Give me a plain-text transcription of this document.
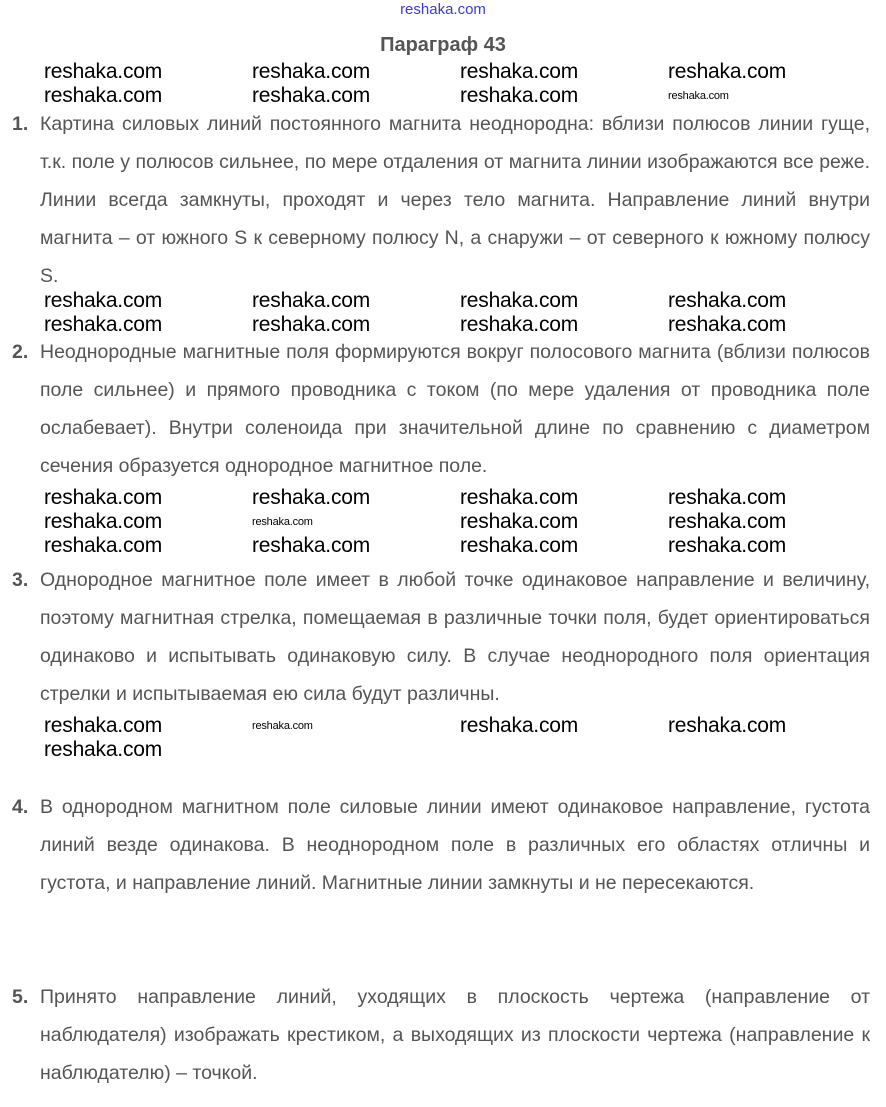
reshaka.com
Параграф 43
1. Картина силовых линий постоянного магнита неоднородна: вблизи полюсов линии гуще, т.к. поле у полюсов сильнее, по мере отдаления от магнита линии изображаются все реже. Линии всегда замкнуты, проходят и через тело магнита. Направление линий внутри магнита – от южного S к северному полюсу N, а снаружи – от северного к южному полюсу S.
2. Неоднородные магнитные поля формируются вокруг полосового магнита (вблизи полюсов поле сильнее) и прямого проводника с током (по мере удаления от проводника поле ослабевает). Внутри соленоида при значительной длине по сравнению с диаметром сечения образуется однородное магнитное поле.
3. Однородное магнитное поле имеет в любой точке одинаковое направление и величину, поэтому магнитная стрелка, помещаемая в различные точки поля, будет ориентироваться одинаково и испытывать одинаковую силу. В случае неоднородного поля ориентация стрелки и испытываемая ею сила будут различны.
4. В однородном магнитном поле силовые линии имеют одинаковое направление, густота линий везде одинакова. В неоднородном поле в различных его областях отличны и густота, и направление линий. Магнитные линии замкнуты и не пересекаются.
5. Принято направление линий, уходящих в плоскость чертежа (направление от наблюдателя) изображать крестиком, а выходящих из плоскости чертежа (направление к наблюдателю) – точкой.
reshaka.com	reshaka.com	reshaka.com	reshaka.com
reshaka.com	reshaka.com	reshaka.com	reshaka.com
reshaka.com	reshaka.com	reshaka.com	reshaka.com
reshaka.com	reshaka.com	reshaka.com	reshaka.com
reshaka.com	reshaka.com	reshaka.com	reshaka.com
reshaka.com	reshaka.com	reshaka.com	reshaka.com
reshaka.com	reshaka.com	reshaka.com	reshaka.com
reshaka.com	reshaka.com	reshaka.com	reshaka.com
reshaka.com
